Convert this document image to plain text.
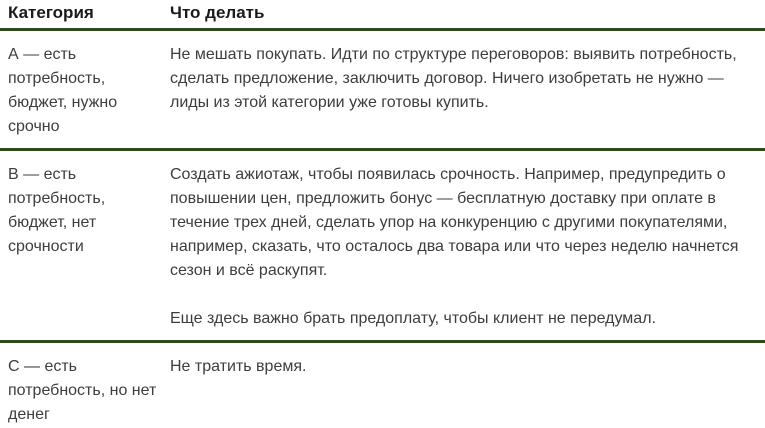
Категория	Что делать
А — есть потребность, бюджет, нужно срочно	Не мешать покупать. Идти по структуре переговоров: выявить потребность, сделать предложение, заключить договор. Ничего изобретать не нужно — лиды из этой категории уже готовы купить.

В — есть потребность, бюджет, нет срочности	Создать ажиотаж, чтобы появилась срочность. Например, предупредить о повышении цен, предложить бонус — бесплатную доставку при оплате в течение трех дней, сделать упор на конкуренцию с другими покупателями, например, сказать, что осталось два товара или что через неделю начнется сезон и всё раскупят.

Еще здесь важно брать предоплату, чтобы клиент не передумал.

С — есть потребность, но нет денег	Не тратить время.
